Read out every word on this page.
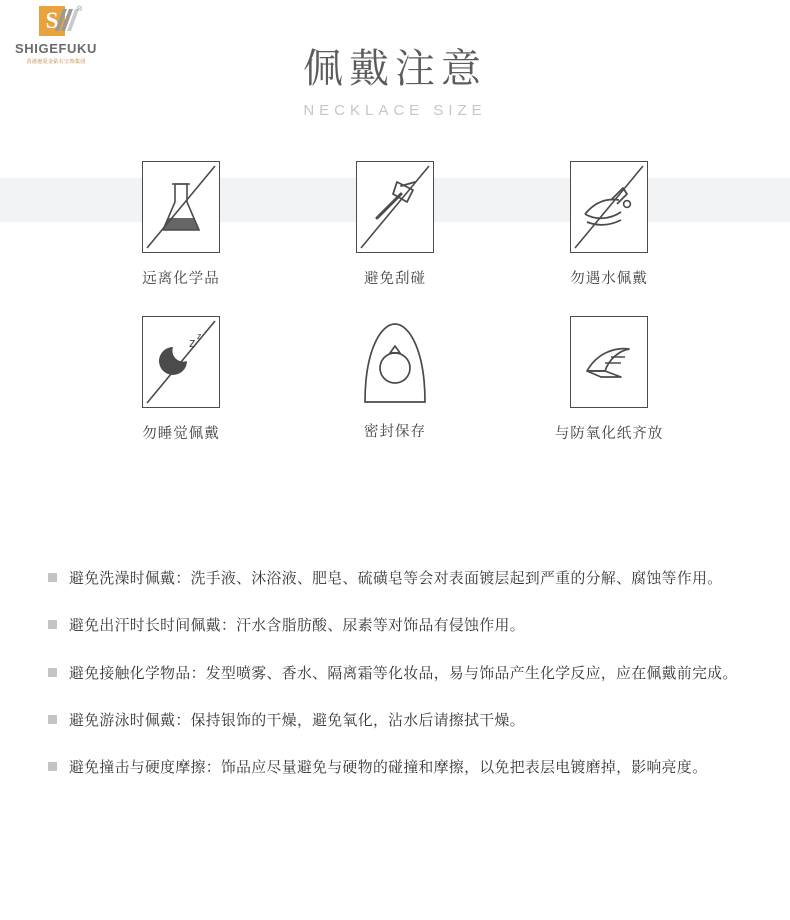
S	®
SHIGEFUKU
香港施爱金钻石宝饰集团	佩戴注意
NECKLACE SIZE
远离化学品	避免刮碰	勿遇水佩戴
z z
勿睡觉佩戴	密封保存	与防氧化纸齐放
避免洗澡时佩戴：洗手液、沐浴液、肥皂、硫磺皂等会对表面镀层起到严重的分解、腐蚀等作用。
避免出汗时长时间佩戴：汗水含脂肪酸、尿素等对饰品有侵蚀作用。
避免接触化学物品：发型喷雾、香水、隔离霜等化妆品，易与饰品产生化学反应，应在佩戴前完成。
避免游泳时佩戴：保持银饰的干燥，避免氧化，沾水后请擦拭干燥。
避免撞击与硬度摩擦：饰品应尽量避免与硬物的碰撞和摩擦，以免把表层电镀磨掉，影响亮度。
